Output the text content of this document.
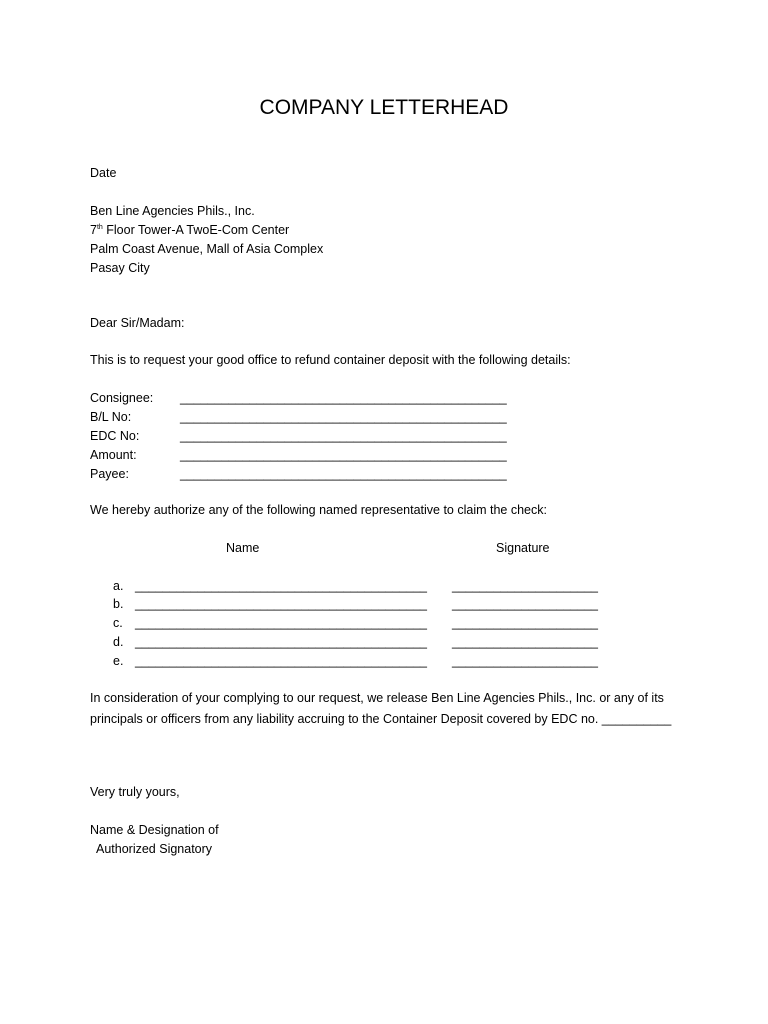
COMPANY LETTERHEAD
Date
Ben Line Agencies Phils., Inc.
7th Floor Tower-A TwoE-Com Center
Palm Coast Avenue, Mall of Asia Complex
Pasay City
Dear Sir/Madam:
This is to request your good office to refund container deposit with the following details:
Consignee: _______________________________________________
B/L No:	_______________________________________________
EDC No:	_______________________________________________
Amount:	_______________________________________________
Payee:	_______________________________________________
We hereby authorize any of the following named representative to claim the check:
Name	Signature
a. __________________________________________ _____________________
b. __________________________________________ _____________________
c. __________________________________________ _____________________
d. __________________________________________ _____________________
e. __________________________________________ _____________________
In consideration of your complying to our request, we release Ben Line Agencies Phils., Inc. or any of its
principals or officers from any liability accruing to the Container Deposit covered by EDC no. __________
Very truly yours,
Name & Designation of
Authorized Signatory
